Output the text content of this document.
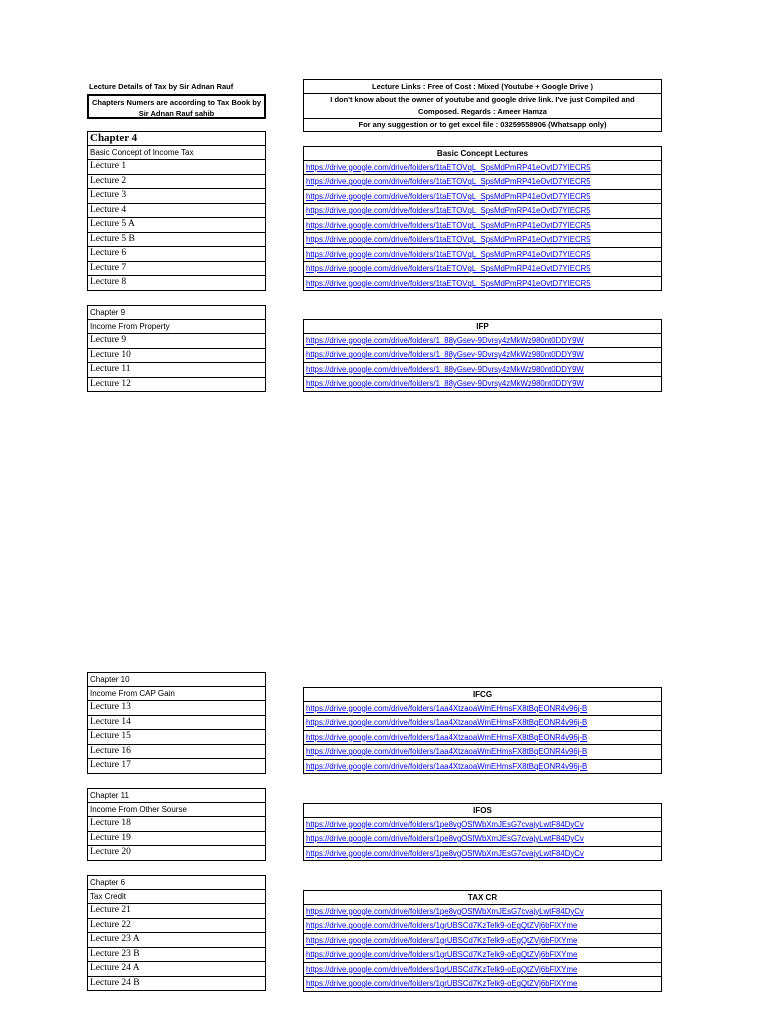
Lecture Details of Tax by Sir Adnan Rauf
Chapters Numers are according to Tax Book by Sir Adnan Rauf sahib
Lecture Links : Free of Cost : Mixed (Youtube + Google Drive )
I don't know about the owner of youtube and google drive link. I've just Compiled and
Composed. Regards : Ameer Hamza
For any suggestion or to get excel file : 03259558906 (Whatsapp only)
Chapter 4
Basic Concept of Income Tax
Lecture 1
Lecture 2
Lecture 3
Lecture 4
Lecture 5 A
Lecture 5 B
Lecture 6
Lecture 7
Lecture 8
Basic Concept Lectures
https://drive.google.com/drive/folders/1taETOVqL_SpsMdPmRP41eOvtD7YIECR5
https://drive.google.com/drive/folders/1taETOVqL_SpsMdPmRP41eOvtD7YIECR5
https://drive.google.com/drive/folders/1taETOVqL_SpsMdPmRP41eOvtD7YIECR5
https://drive.google.com/drive/folders/1taETOVqL_SpsMdPmRP41eOvtD7YIECR5
https://drive.google.com/drive/folders/1taETOVqL_SpsMdPmRP41eOvtD7YIECR5
https://drive.google.com/drive/folders/1taETOVqL_SpsMdPmRP41eOvtD7YIECR5
https://drive.google.com/drive/folders/1taETOVqL_SpsMdPmRP41eOvtD7YIECR5
https://drive.google.com/drive/folders/1taETOVqL_SpsMdPmRP41eOvtD7YIECR5
https://drive.google.com/drive/folders/1taETOVqL_SpsMdPmRP41eOvtD7YIECR5
Chapter 9
Income From Property
Lecture 9
Lecture 10
Lecture 11
Lecture 12
IFP
https://drive.google.com/drive/folders/1_88yGsev-9Dvrsy4zMkWz980nt0DDY9W
https://drive.google.com/drive/folders/1_88yGsev-9Dvrsy4zMkWz980nt0DDY9W
https://drive.google.com/drive/folders/1_88yGsev-9Dvrsy4zMkWz980nt0DDY9W
https://drive.google.com/drive/folders/1_88yGsev-9Dvrsy4zMkWz980nt0DDY9W
Chapter 10
Income From CAP Gain
Lecture 13
Lecture 14
Lecture 15
Lecture 16
Lecture 17
IFCG
https://drive.google.com/drive/folders/1aa4XtzaoaWmEHmsFX8tBqEONR4v96j-B
https://drive.google.com/drive/folders/1aa4XtzaoaWmEHmsFX8tBqEONR4v96j-B
https://drive.google.com/drive/folders/1aa4XtzaoaWmEHmsFX8tBqEONR4v96j-B
https://drive.google.com/drive/folders/1aa4XtzaoaWmEHmsFX8tBqEONR4v96j-B
https://drive.google.com/drive/folders/1aa4XtzaoaWmEHmsFX8tBqEONR4v96j-B
Chapter 11
Income From Other Sourse
Lecture 18
Lecture 19
Lecture 20
IFOS
https://drive.google.com/drive/folders/1pe8vgOSfWbXmJEsG7cvajyLwtF84DyCv
https://drive.google.com/drive/folders/1pe8vgOSfWbXmJEsG7cvajyLwtF84DyCv
https://drive.google.com/drive/folders/1pe8vgOSfWbXmJEsG7cvajyLwtF84DyCv
Chapter 6
Tax Credit
Lecture 21
Lecture 22
Lecture 23 A
Lecture 23 B
Lecture 24 A
Lecture 24 B
TAX CR
https://drive.google.com/drive/folders/1pe8vgOSfWbXmJEsG7cvajyLwtF84DyCv
https://drive.google.com/drive/folders/1grUBSCd7KzTelk9-oEgQtZVj6bFlXYme
https://drive.google.com/drive/folders/1grUBSCd7KzTelk9-oEgQtZVj6bFlXYme
https://drive.google.com/drive/folders/1grUBSCd7KzTelk9-oEgQtZVj6bFlXYme
https://drive.google.com/drive/folders/1grUBSCd7KzTelk9-oEgQtZVj6bFlXYme
https://drive.google.com/drive/folders/1grUBSCd7KzTelk9-oEgQtZVj6bFlXYme
